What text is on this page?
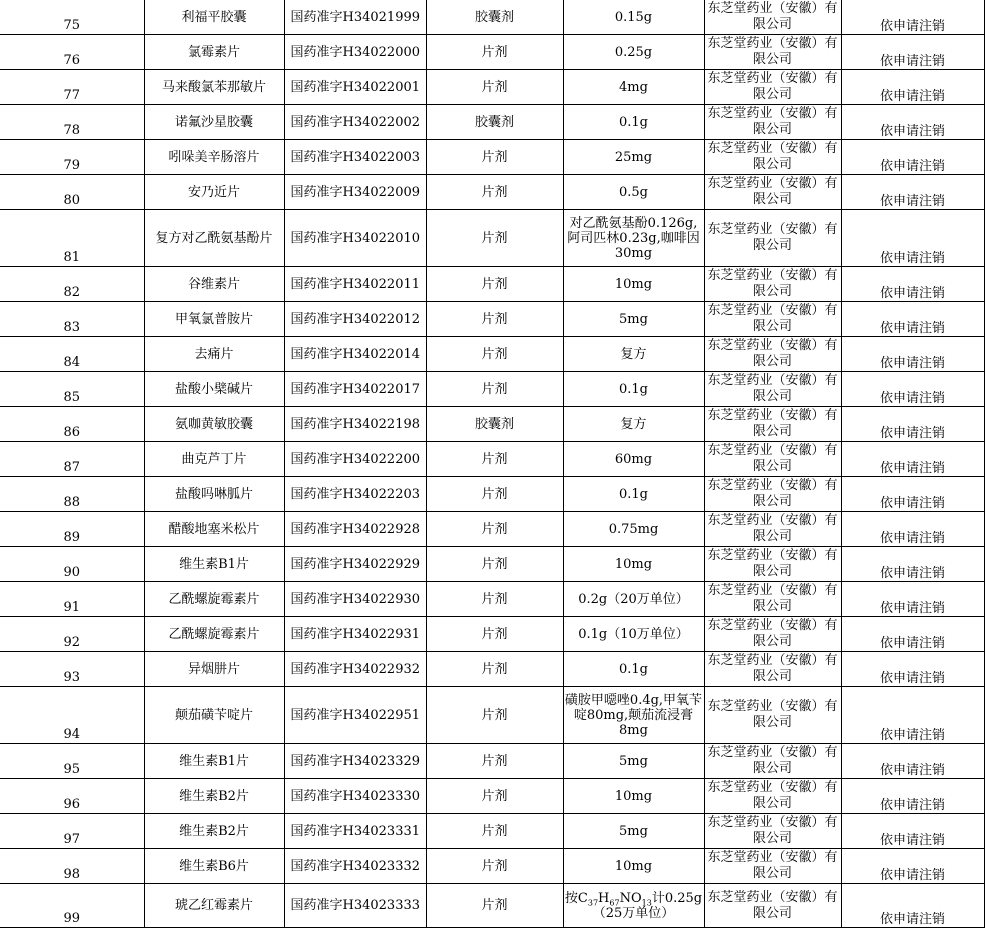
75	利福平胶囊	国药准字H34021999	胶囊剂	0.15g	东芝堂药业（安徽）有限公司	依申请注销
76	氯霉素片	国药准字H34022000	片剂	0.25g	东芝堂药业（安徽）有限公司	依申请注销
77	马来酸氯苯那敏片	国药准字H34022001	片剂	4mg	东芝堂药业（安徽）有限公司	依申请注销
78	诺氟沙星胶囊	国药准字H34022002	胶囊剂	0.1g	东芝堂药业（安徽）有限公司	依申请注销
79	吲哚美辛肠溶片	国药准字H34022003	片剂	25mg	东芝堂药业（安徽）有限公司	依申请注销
80	安乃近片	国药准字H34022009	片剂	0.5g	东芝堂药业（安徽）有限公司	依申请注销
81	复方对乙酰氨基酚片	国药准字H34022010	片剂	对乙酰氨基酚0.126g,阿司匹林0.23g,咖啡因30mg	东芝堂药业（安徽）有限公司	依申请注销
82	谷维素片	国药准字H34022011	片剂	10mg	东芝堂药业（安徽）有限公司	依申请注销
83	甲氧氯普胺片	国药准字H34022012	片剂	5mg	东芝堂药业（安徽）有限公司	依申请注销
84	去痛片	国药准字H34022014	片剂	复方	东芝堂药业（安徽）有限公司	依申请注销
85	盐酸小檗碱片	国药准字H34022017	片剂	0.1g	东芝堂药业（安徽）有限公司	依申请注销
86	氨咖黄敏胶囊	国药准字H34022198	胶囊剂	复方	东芝堂药业（安徽）有限公司	依申请注销
87	曲克芦丁片	国药准字H34022200	片剂	60mg	东芝堂药业（安徽）有限公司	依申请注销
88	盐酸吗啉胍片	国药准字H34022203	片剂	0.1g	东芝堂药业（安徽）有限公司	依申请注销
89	醋酸地塞米松片	国药准字H34022928	片剂	0.75mg	东芝堂药业（安徽）有限公司	依申请注销
90	维生素B1片	国药准字H34022929	片剂	10mg	东芝堂药业（安徽）有限公司	依申请注销
91	乙酰螺旋霉素片	国药准字H34022930	片剂	0.2g（20万单位）	东芝堂药业（安徽）有限公司	依申请注销
92	乙酰螺旋霉素片	国药准字H34022931	片剂	0.1g（10万单位）	东芝堂药业（安徽）有限公司	依申请注销
93	异烟肼片	国药准字H34022932	片剂	0.1g	东芝堂药业（安徽）有限公司	依申请注销
94	颠茄磺苄啶片	国药准字H34022951	片剂	磺胺甲噁唑0.4g,甲氧苄啶80mg,颠茄流浸膏8mg	东芝堂药业（安徽）有限公司	依申请注销
95	维生素B1片	国药准字H34023329	片剂	5mg	东芝堂药业（安徽）有限公司	依申请注销
96	维生素B2片	国药准字H34023330	片剂	10mg	东芝堂药业（安徽）有限公司	依申请注销
97	维生素B2片	国药准字H34023331	片剂	5mg	东芝堂药业（安徽）有限公司	依申请注销
98	维生素B6片	国药准字H34023332	片剂	10mg	东芝堂药业（安徽）有限公司	依申请注销
99	琥乙红霉素片	国药准字H34023333	片剂	按$C_{37}H_{67}NO_{13}$计0.25g（25万单位）	东芝堂药业（安徽）有限公司	依申请注销
